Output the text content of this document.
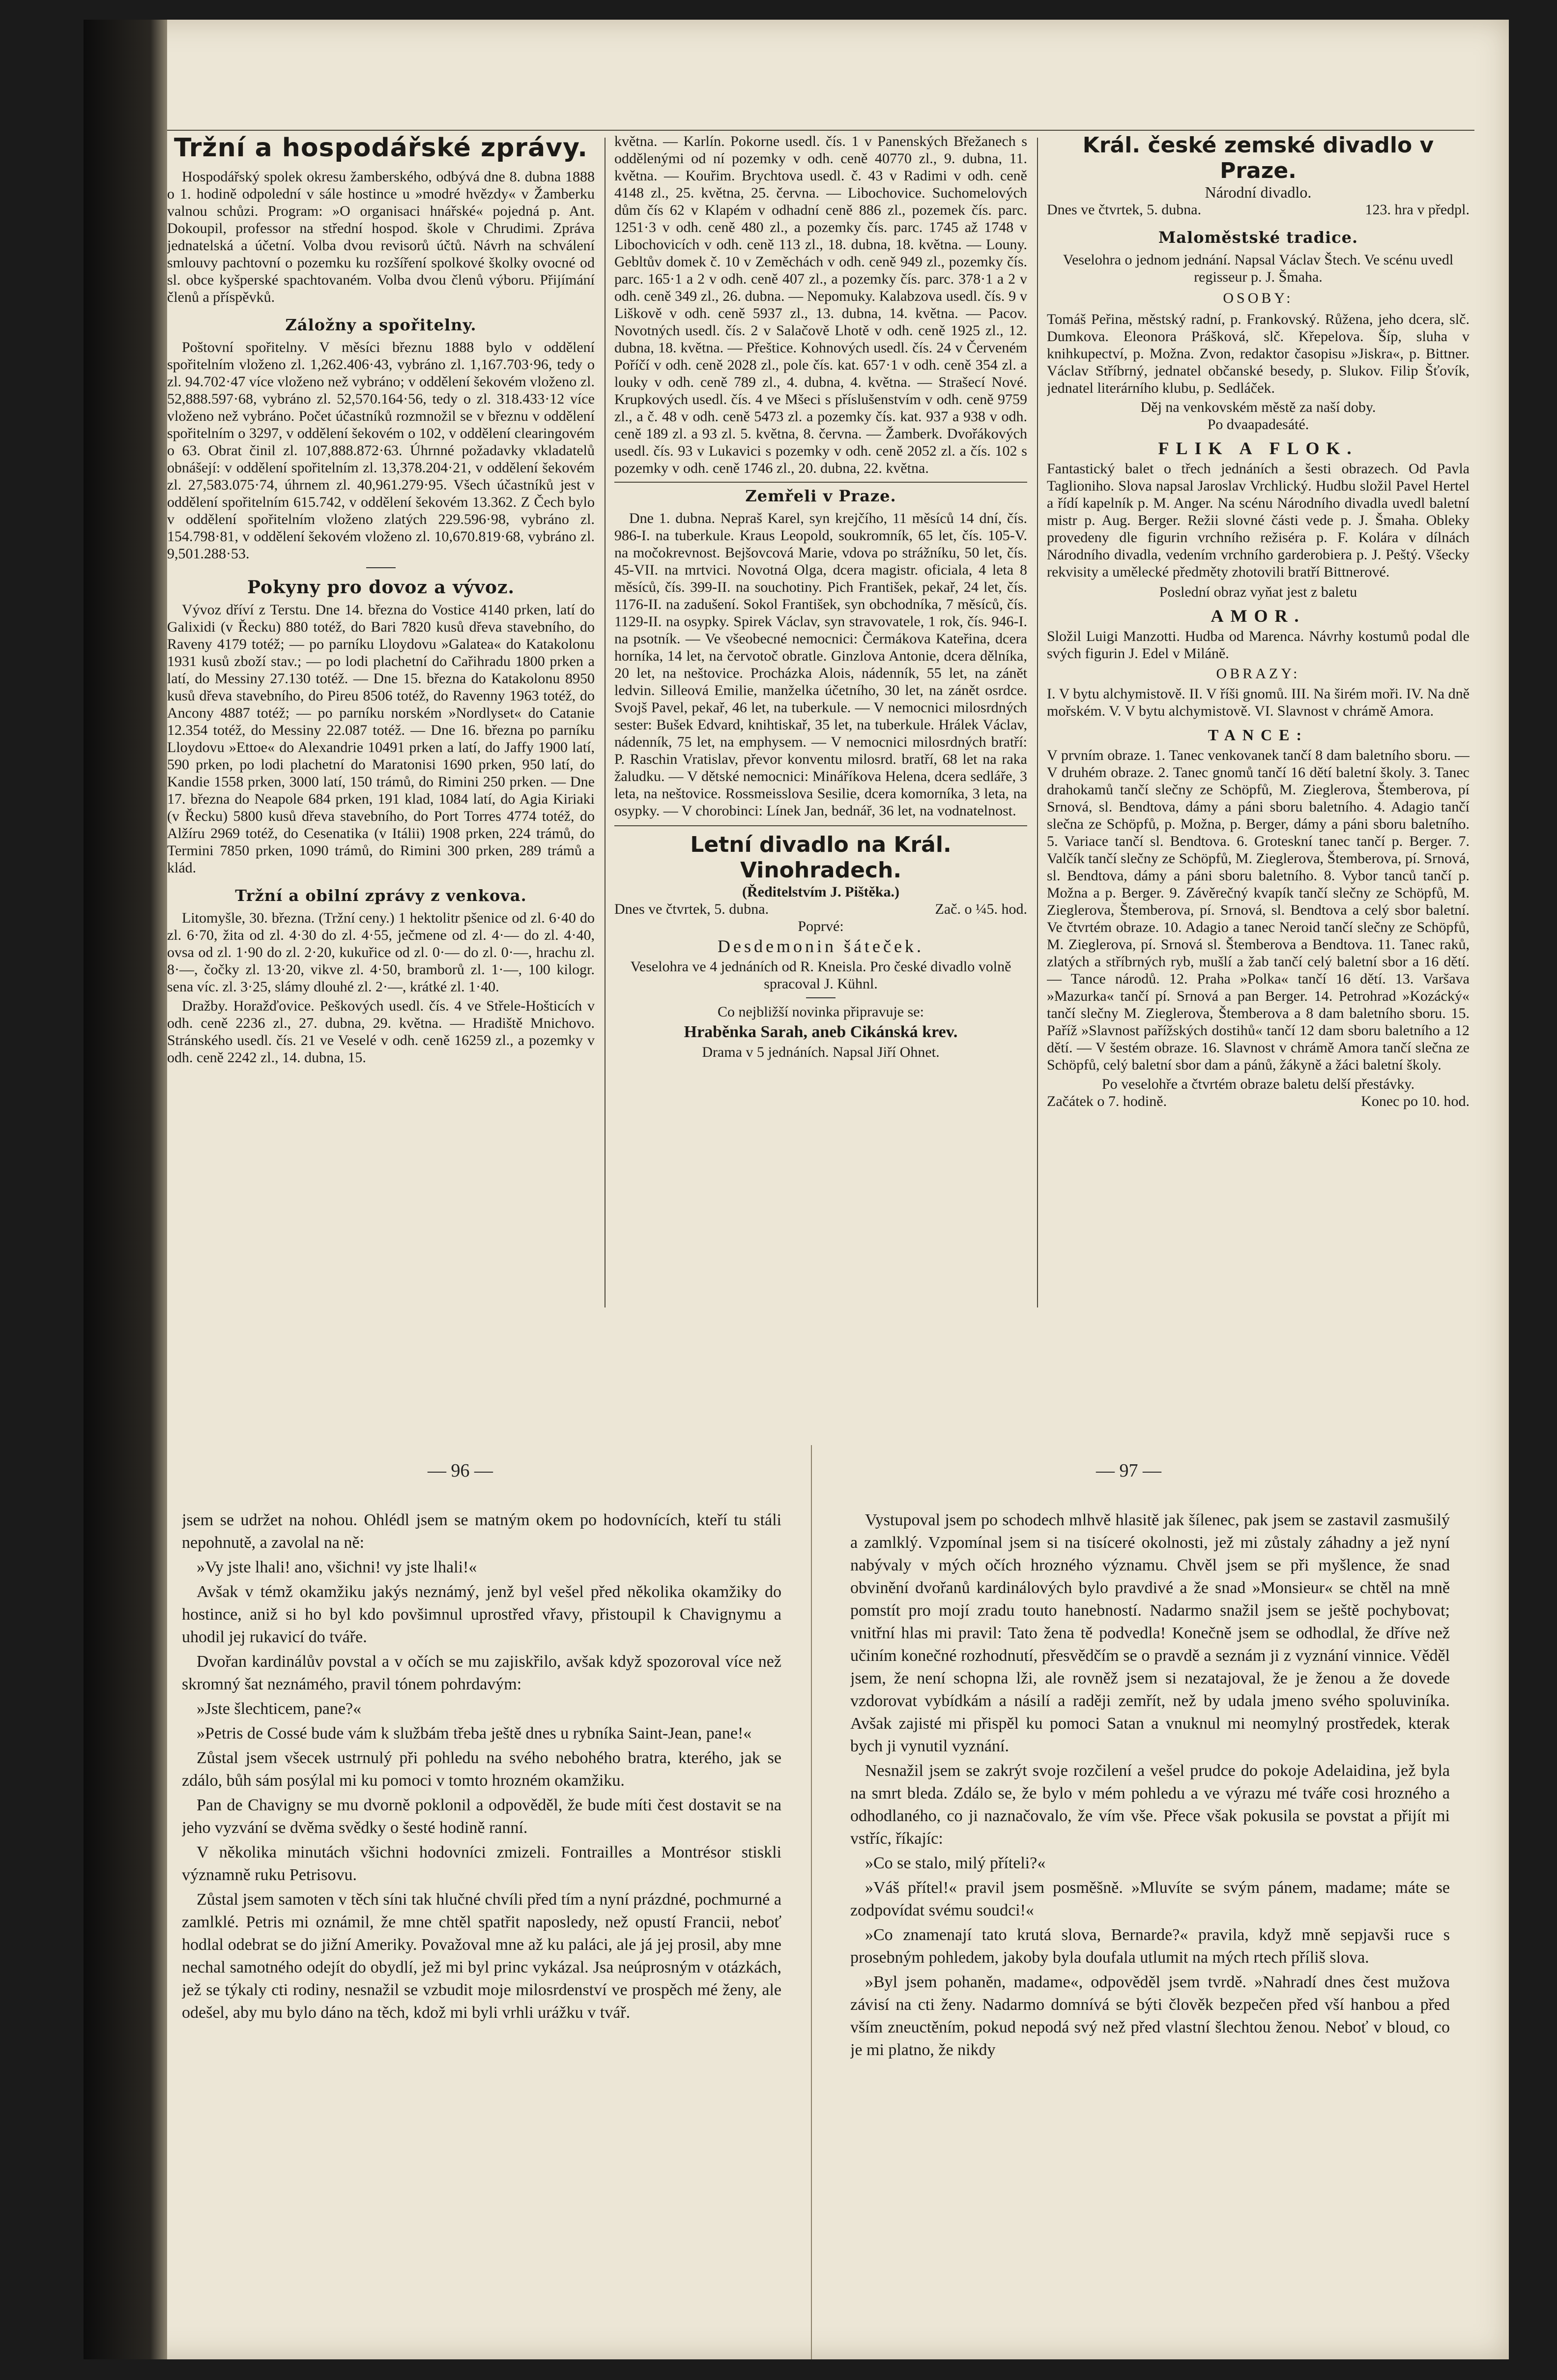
Tržní a hospodářské zprávy.

Hospodářský spolek okresu žamberského, odbývá dne 8. dubna 1888 o 1. hodině odpolední v sále hostince u »modré hvězdy« v Žamberku valnou schůzi. Program: »O organisaci hnářské« pojedná p. Ant. Dokoupil, professor na střední hospod. škole v Chrudimi. Zpráva jednatelská a účetní. Volba dvou revisorů účtů. Návrh na schválení smlouvy pachtovní o pozemku ku rozšíření spolkové školky ovocné od sl. obce kyšperské spachtovaném. Volba dvou členů výboru. Přijímání členů a příspěvků.

Záložny a spořitelny.

Poštovní spořitelny. V měsíci březnu 1888 bylo v oddělení spořitelním vloženo zl. 1,262.406·43, vybráno zl. 1,167.703·96, tedy o zl. 94.702·47 více vloženo než vybráno; v oddělení šekovém vloženo zl. 52,888.597·68, vybráno zl. 52,570.164·56, tedy o zl. 318.433·12 více vloženo než vybráno. Počet účastníků rozmnožil se v březnu v oddělení spořitelním o 3297, v oddělení šekovém o 102, v oddělení clearingovém o 63. Obrat činil zl. 107,888.872·63. Úhrnné požadavky vkladatelů obnášejí: v oddělení spořitelním zl. 13,378.204·21, v oddělení šekovém zl. 27,583.075·74, úhrnem zl. 40,961.279·95. Všech účastníků jest v oddělení spořitelním 615.742, v oddělení šekovém 13.362. Z Čech bylo v oddělení spořitelním vloženo zlatých 229.596·98, vybráno zl. 154.798·81, v oddělení šekovém vloženo zl. 10,670.819·68, vybráno zl. 9,501.288·53.

Pokyny pro dovoz a vývoz.

Vývoz dříví z Terstu. Dne 14. března do Vostice 4140 prken, latí do Galixidi (v Řecku) 880 totéž, do Bari 7820 kusů dřeva stavebního, do Raveny 4179 totéž; — po parníku Lloydovu »Galatea« do Katakolonu 1931 kusů zboží stav.; — po lodi plachetní do Cařihradu 1800 prken a latí, do Messiny 27.130 totéž. — Dne 15. března do Katakolonu 8950 kusů dřeva stavebního, do Pireu 8506 totéž, do Ravenny 1963 totéž, do Ancony 4887 totéž; — po parníku norském »Nordlyset« do Catanie 12.354 totéž, do Messiny 22.087 totéž. — Dne 16. března po parníku Lloydovu »Ettoe« do Alexandrie 10491 prken a latí, do Jaffy 1900 latí, 590 prken, po lodi plachetní do Maratonisi 1690 prken, 950 latí, do Kandie 1558 prken, 3000 latí, 150 trámů, do Rimini 250 prken. — Dne 17. března do Neapole 684 prken, 191 klad, 1084 latí, do Agia Kiriaki (v Řecku) 5800 kusů dřeva stavebního, do Port Torres 4774 totéž, do Alžíru 2969 totéž, do Cesenatika (v Itálii) 1908 prken, 224 trámů, do Termini 7850 prken, 1090 trámů, do Rimini 300 prken, 289 trámů a klád.

Tržní a obilní zprávy z venkova.

Litomyšle, 30. března. (Tržní ceny.) 1 hektolitr pšenice od zl. 6·40 do zl. 6·70, žita od zl. 4·30 do zl. 4·55, ječmene od zl. 4·— do zl. 4·40, ovsa od zl. 1·90 do zl. 2·20, kukuřice od zl. 0·— do zl. 0·—, hrachu zl. 8·—, čočky zl. 13·20, vikve zl. 4·50, bramborů zl. 1·—, 100 kilogr. sena víc. zl. 3·25, slámy dlouhé zl. 2·—, krátké zl. 1·40.

Dražby. Horažďovice. Peškových usedl. čís. 4 ve Střele-Hošticích v odh. ceně 2236 zl., 27. dubna, 29. května. — Hradiště Mnichovo. Stránského usedl. čís. 21 ve Veselé v odh. ceně 16259 zl., a pozemky v odh. ceně 2242 zl., 14. dubna, 15.

května. — Karlín. Pokorne usedl. čís. 1 v Panenských Břežanech s oddělenými od ní pozemky v odh. ceně 40770 zl., 9. dubna, 11. května. — Kouřim. Brychtova usedl. č. 43 v Radimi v odh. ceně 4148 zl., 25. května, 25. června. — Libochovice. Suchomelových dům čís 62 v Klapém v odhadní ceně 886 zl., pozemek čís. parc. 1251·3 v odh. ceně 480 zl., a pozemky čís. parc. 1745 až 1748 v Libochovicích v odh. ceně 113 zl., 18. dubna, 18. května. — Louny. Gebltův domek č. 10 v Zeměchách v odh. ceně 949 zl., pozemky čís. parc. 165·1 a 2 v odh. ceně 407 zl., a pozemky čís. parc. 378·1 a 2 v odh. ceně 349 zl., 26. dubna. — Nepomuky. Kalabzova usedl. čís. 9 v Liškově v odh. ceně 5937 zl., 13. dubna, 14. května. — Pacov. Novotných usedl. čís. 2 v Salačově Lhotě v odh. ceně 1925 zl., 12. dubna, 18. května. — Přeštice. Kohnových usedl. čís. 24 v Červeném Poříčí v odh. ceně 2028 zl., pole čís. kat. 657·1 v odh. ceně 354 zl. a louky v odh. ceně 789 zl., 4. dubna, 4. května. — Strašecí Nové. Krupkových usedl. čís. 4 ve Mšeci s příslušenstvím v odh. ceně 9759 zl., a č. 48 v odh. ceně 5473 zl. a pozemky čís. kat. 937 a 938 v odh. ceně 189 zl. a 93 zl. 5. května, 8. června. — Žamberk. Dvořákových usedl. čís. 93 v Lukavici s pozemky v odh. ceně 2052 zl. a čís. 102 s pozemky v odh. ceně 1746 zl., 20. dubna, 22. května.

Zemřeli v Praze.

Dne 1. dubna. Nepraš Karel, syn krejčího, 11 měsíců 14 dní, čís. 986-I. na tuberkule. Kraus Leopold, soukromník, 65 let, čís. 105-V. na močokrevnost. Bejšovcová Marie, vdova po strážníku, 50 let, čís. 45-VII. na mrtvici. Novotná Olga, dcera magistr. oficiala, 4 leta 8 měsíců, čís. 399-II. na souchotiny. Pich František, pekař, 24 let, čís. 1176-II. na zadušení. Sokol František, syn obchodníka, 7 měsíců, čís. 1129-II. na osypky. Spirek Václav, syn stravovatele, 1 rok, čís. 946-I. na psotník. — Ve všeobecné nemocnici: Čermákova Kateřina, dcera horníka, 14 let, na červotoč obratle. Ginzlova Antonie, dcera dělníka, 20 let, na neštovice. Procházka Alois, nádenník, 55 let, na zánět ledvin. Silleová Emilie, manželka účetního, 30 let, na zánět osrdce. Svojš Pavel, pekař, 46 let, na tuberkule. — V nemocnici milosrdných sester: Bušek Edvard, knihtiskař, 35 let, na tuberkule. Hrálek Václav, nádenník, 75 let, na emphysem. — V nemocnici milosrdných bratří: P. Raschin Vratislav, převor konventu milosrd. bratří, 68 let na raka žaludku. — V dětské nemocnici: Mináříkova Helena, dcera sedláře, 3 leta, na neštovice. Rossmeisslova Sesilie, dcera komorníka, 3 leta, na osypky. — V chorobinci: Línek Jan, bednář, 36 let, na vodnatelnost.

Letní divadlo na Král. Vinohradech.
(Ředitelstvím J. Pištěka.)
Dnes ve čtvrtek, 5. dubna.	Zač. o ¼5. hod.
Poprvé:
Desdemonin šáteček.
Veselohra ve 4 jednáních od R. Kneisla. Pro české divadlo volně spracoval J. Kühnl.
Co nejbližší novinka připravuje se:
Hraběnka Sarah, aneb Cikánská krev.
Drama v 5 jednáních. Napsal Jiří Ohnet.
Král. české zemské divadlo v Praze.
Národní divadlo.
Dnes ve čtvrtek, 5. dubna.	123. hra v předpl.
Maloměstské tradice.
Veselohra o jednom jednání. Napsal Václav Štech. Ve scénu uvedl regisseur p. J. Šmaha.
OSOBY:

Tomáš Peřina, městský radní, p. Frankovský. Růžena, jeho dcera, slč. Dumkova. Eleonora Prášková, slč. Křepelova. Šíp, sluha v knihkupectví, p. Možna. Zvon, redaktor časopisu »Jiskra«, p. Bittner. Václav Stříbrný, jednatel občanské besedy, p. Slukov. Filip Šťovík, jednatel literárního klubu, p. Sedláček.

Děj na venkovském městě za naší doby.
Po dvaapadesáté.
FLIK A FLOK.

Fantastický balet o třech jednáních a šesti obrazech. Od Pavla Taglioniho. Slova napsal Jaroslav Vrchlický. Hudbu složil Pavel Hertel a řídí kapelník p. M. Anger. Na scénu Národního divadla uvedl baletní mistr p. Aug. Berger. Režii slovné části vede p. J. Šmaha. Obleky provedeny dle figurin vrchního režiséra p. F. Kolára v dílnách Národního divadla, vedením vrchního garderobiera p. J. Peštý. Všecky rekvisity a umělecké předměty zhotovili bratří Bittnerové.

Poslední obraz vyňat jest z baletu
AMOR.

Složil Luigi Manzotti. Hudba od Marenca. Návrhy kostumů podal dle svých figurin J. Edel v Miláně.

OBRAZY:

I. V bytu alchymistově. II. V říši gnomů. III. Na širém moři. IV. Na dně mořském. V. V bytu alchymistově. VI. Slavnost v chrámě Amora.

TANCE:

V prvním obraze. 1. Tanec venkovanek tančí 8 dam baletního sboru. — V druhém obraze. 2. Tanec gnomů tančí 16 dětí baletní školy. 3. Tanec drahokamů tančí slečny ze Schöpfů, M. Zieglerova, Štemberova, pí Srnová, sl. Bendtova, dámy a páni sboru baletního. 4. Adagio tančí slečna ze Schöpfů, p. Možna, p. Berger, dámy a páni sboru baletního. 5. Variace tančí sl. Bendtova. 6. Groteskní tanec tančí p. Berger. 7. Valčík tančí slečny ze Schöpfů, M. Zieglerova, Štemberova, pí. Srnová, sl. Bendtova, dámy a páni sboru baletního. 8. Vybor tanců tančí p. Možna a p. Berger. 9. Závěrečný kvapík tančí slečny ze Schöpfů, M. Zieglerova, Štemberova, pí. Srnová, sl. Bendtova a celý sbor baletní. Ve čtvrtém obraze. 10. Adagio a tanec Neroid tančí slečny ze Schöpfů, M. Zieglerova, pí. Srnová sl. Štemberova a Bendtova. 11. Tanec raků, zlatých a stříbrných ryb, mušlí a žab tančí celý baletní sbor a 16 dětí. — Tance národů. 12. Praha »Polka« tančí 16 dětí. 13. Varšava »Mazurka« tančí pí. Srnová a pan Berger. 14. Petrohrad »Kozácký« tančí slečny M. Zieglerova, Štemberova a 8 dam baletního sboru. 15. Paříž »Slavnost pařížských dostihů« tančí 12 dam sboru baletního a 12 dětí. — V šestém obraze. 16. Slavnost v chrámě Amora tančí slečna ze Schöpfů, celý baletní sbor dam a pánů, žákyně a žáci baletní školy.

Po veselohře a čtvrtém obraze baletu delší přestávky.
Začátek o 7. hodině.	Konec po 10. hod.
— 96 —	— 97 —

jsem se udržet na nohou. Ohlédl jsem se matným okem po hodovnících, kteří tu stáli nepohnutě, a zavolal na ně:

»Vy jste lhali! ano, všichni! vy jste lhali!«

Avšak v témž okamžiku jakýs neznámý, jenž byl vešel před několika okamžiky do hostince, aniž si ho byl kdo povšimnul uprostřed vřavy, přistoupil k Chavignymu a uhodil jej rukavicí do tváře.

Dvořan kardinálův povstal a v očích se mu zajiskřilo, avšak když spozoroval více než skromný šat neznámého, pravil tónem pohrdavým:

»Jste šlechticem, pane?«

»Petris de Cossé bude vám k službám třeba ještě dnes u rybníka Saint-Jean, pane!«

Zůstal jsem všecek ustrnulý při pohledu na svého nebohého bratra, kterého, jak se zdálo, bůh sám posýlal mi ku pomoci v tomto hrozném okamžiku.

Pan de Chavigny se mu dvorně poklonil a odpověděl, že bude míti čest dostavit se na jeho vyzvání se dvěma svědky o šesté hodině ranní.

V několika minutách všichni hodovníci zmizeli. Fontrailles a Montrésor stiskli významně ruku Petrisovu.

Zůstal jsem samoten v těch síni tak hlučné chvíli před tím a nyní prázdné, pochmurné a zamlklé. Petris mi oznámil, že mne chtěl spatřit naposledy, než opustí Francii, neboť hodlal odebrat se do jižní Ameriky. Považoval mne až ku paláci, ale já jej prosil, aby mne nechal samotného odejít do obydlí, jež mi byl princ vykázal. Jsa neúprosným v otázkách, jež se týkaly cti rodiny, nesnažil se vzbudit moje milosrdenství ve prospěch mé ženy, ale odešel, aby mu bylo dáno na těch, kdož mi byli vrhli urážku v tvář.

Vystupoval jsem po schodech mlhvě hlasitě jak šílenec, pak jsem se zastavil zasmušilý a zamlklý. Vzpomínal jsem si na tisíceré okolnosti, jež mi zůstaly záhadny a jež nyní nabývaly v mých očích hrozného významu. Chvěl jsem se při myšlence, že snad obvinění dvořanů kardinálových bylo pravdivé a že snad »Monsieur« se chtěl na mně pomstít pro mojí zradu touto hanebností. Nadarmo snažil jsem se ještě pochybovat; vnitřní hlas mi pravil: Tato žena tě podvedla! Konečně jsem se odhodlal, že dříve než učiním konečné rozhodnutí, přesvědčím se o pravdě a seznám ji z vyznání vinnice. Věděl jsem, že není schopna lži, ale rovněž jsem si nezatajoval, že je ženou a že dovede vzdorovat vybídkám a násilí a raději zemřít, než by udala jmeno svého spoluviníka. Avšak zajisté mi přispěl ku pomoci Satan a vnuknul mi neomylný prostředek, kterak bych ji vynutil vyznání.

Nesnažil jsem se zakrýt svoje rozčilení a vešel prudce do pokoje Adelaidina, jež byla na smrt bleda. Zdálo se, že bylo v mém pohledu a ve výrazu mé tváře cosi hrozného a odhodlaného, co ji naznačovalo, že vím vše. Přece však pokusila se povstat a přijít mi vstříc, říkajíc:

»Co se stalo, milý příteli?«

»Váš přítel!« pravil jsem posměšně. »Mluvíte se svým pánem, madame; máte se zodpovídat svému soudci!«

»Co znamenají tato krutá slova, Bernarde?« pravila, když mně sepjavši ruce s prosebným pohledem, jakoby byla doufala utlumit na mých rtech příliš slova.

»Byl jsem pohaněn, madame«, odpověděl jsem tvrdě. »Nahradí dnes čest mužova závisí na cti ženy. Nadarmo domnívá se býti člověk bezpečen před vší hanbou a před vším zneuctěním, pokud nepodá svý než před vlastní šlechtou ženou. Neboť v bloud, co je mi platno, že nikdy
